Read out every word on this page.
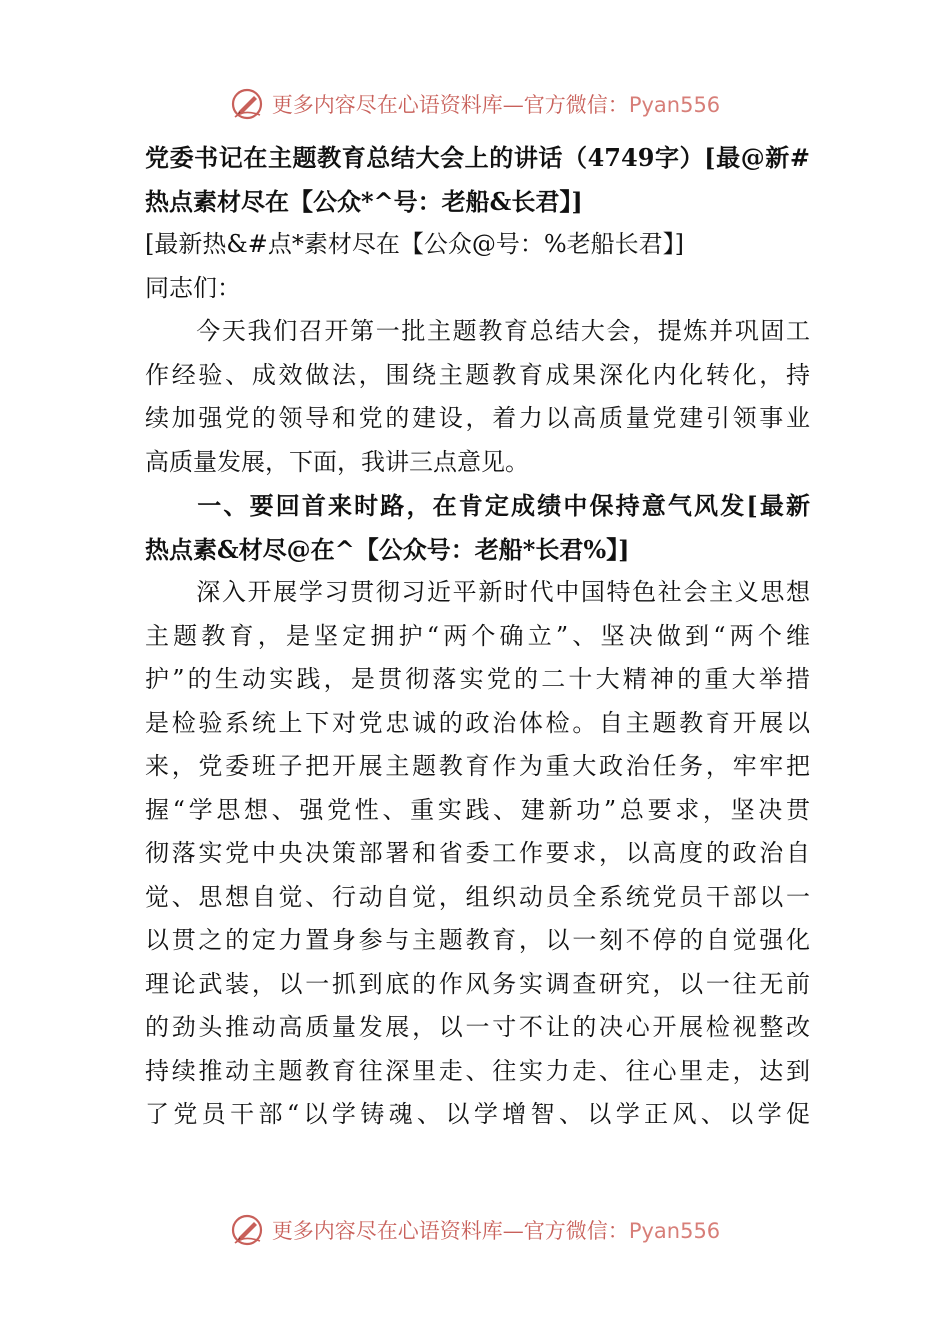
更多内容尽在心语资料库—官方微信：Pyan556
党委书记在主题教育总结大会上的讲话（4749字）[最@新#
热点素材尽在【公众*^号：老船&长君】]
[最新热&#点*素材尽在【公众@号：%老船长君】]
同志们：
　　今天我们召开第一批主题教育总结大会，提炼并巩固工
作经验、成效做法，围绕主题教育成果深化内化转化，持
续加强党的领导和党的建设，着力以高质量党建引领事业
高质量发展，下面，我讲三点意见。
　　一、要回首来时路，在肯定成绩中保持意气风发[最新
热点素&材尽@在^【公众号：老船*长君%】]
　　深入开展学习贯彻习近平新时代中国特色社会主义思想
主题教育，是坚定拥护“两个确立”、坚决做到“两个维
护”的生动实践，是贯彻落实党的二十大精神的重大举措
是检验系统上下对党忠诚的政治体检。自主题教育开展以
来，党委班子把开展主题教育作为重大政治任务，牢牢把
握“学思想、强党性、重实践、建新功”总要求，坚决贯
彻落实党中央决策部署和省委工作要求，以高度的政治自
觉、思想自觉、行动自觉，组织动员全系统党员干部以一
以贯之的定力置身参与主题教育，以一刻不停的自觉强化
理论武装，以一抓到底的作风务实调查研究，以一往无前
的劲头推动高质量发展，以一寸不让的决心开展检视整改
持续推动主题教育往深里走、往实力走、往心里走，达到
了党员干部“以学铸魂、以学增智、以学正风、以学促
更多内容尽在心语资料库—官方微信：Pyan556
